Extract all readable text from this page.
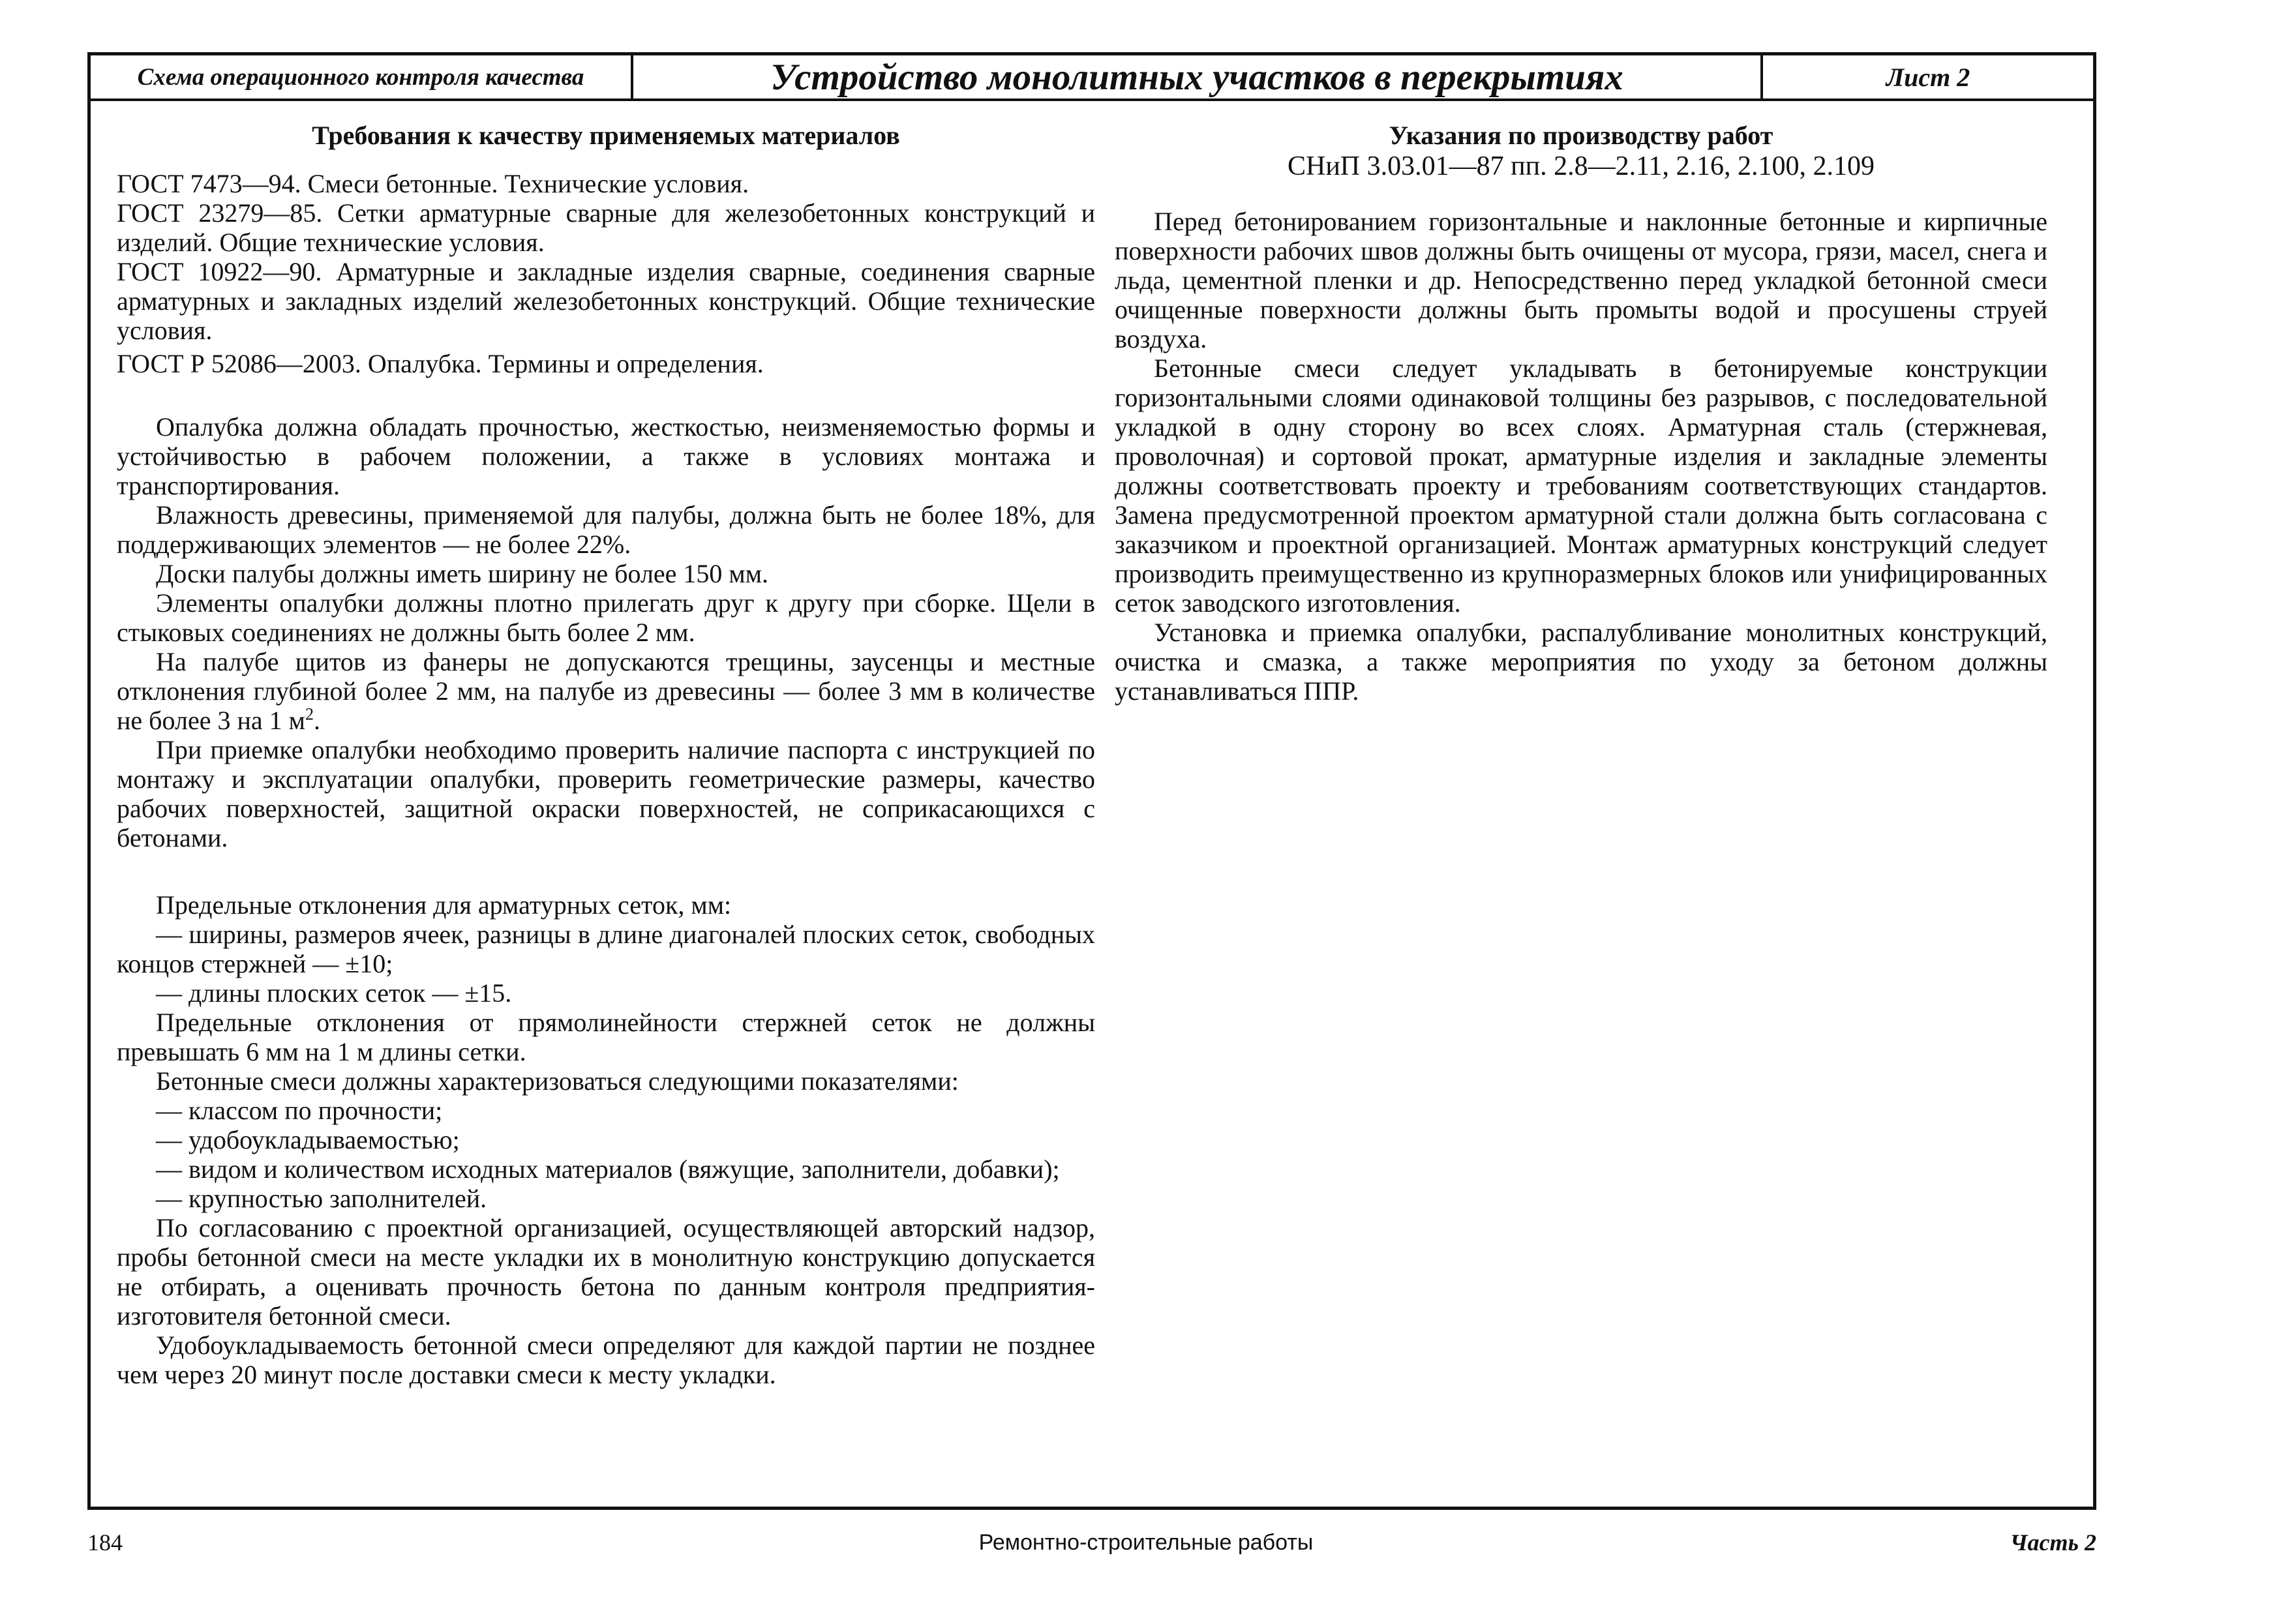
Схема операционного контроля качества	Устройство монолитных участков в перекрытиях	Лист 2

Требования к качеству применяемых материалов

ГОСТ 7473—94. Смеси бетонные. Технические условия.

ГОСТ 23279—85. Сетки арматурные сварные для железобетонных конструкций и изделий. Общие технические условия.

ГОСТ 10922—90. Арматурные и закладные изделия сварные, соединения сварные арматурных и закладных изделий железобетонных конструкций. Общие технические условия.

ГОСТ Р 52086—2003. Опалубка. Термины и определения.

Опалубка должна обладать прочностью, жесткостью, неизменяемостью формы и устойчивостью в рабочем положении, а также в условиях монтажа и транспортирования.

Влажность древесины, применяемой для палубы, должна быть не более 18%, для поддерживающих элементов — не более 22%.

Доски палубы должны иметь ширину не более 150 мм.

Элементы опалубки должны плотно прилегать друг к другу при сборке. Щели в стыковых соединениях не должны быть более 2 мм.

На палубе щитов из фанеры не допускаются трещины, заусенцы и местные отклонения глубиной более 2 мм, на палубе из древесины — более 3 мм в количестве не более 3 на 1 $м^2$.

При приемке опалубки необходимо проверить наличие паспорта с инструкцией по монтажу и эксплуатации опалубки, проверить геометрические размеры, качество рабочих поверхностей, защитной окраски поверхностей, не соприкасающихся с бетонами.

Предельные отклонения для арматурных сеток, мм:

— ширины, размеров ячеек, разницы в длине диагоналей плоских сеток, свободных концов стержней — ±10;

— длины плоских сеток — ±15.

Предельные отклонения от прямолинейности стержней сеток не должны превышать 6 мм на 1 м длины сетки.

Бетонные смеси должны характеризоваться следующими показателями:

— классом по прочности;

— удобоукладываемостью;

— видом и количеством исходных материалов (вяжущие, заполнители, добавки);

— крупностью заполнителей.

По согласованию с проектной организацией, осуществляющей авторский надзор, пробы бетонной смеси на месте укладки их в монолитную конструкцию допускается не отбирать, а оценивать прочность бетона по данным контроля предприятия-изготовителя бетонной смеси.

Удобоукладываемость бетонной смеси определяют для каждой партии не позднее чем через 20 минут после доставки смеси к месту укладки.

Указания по производству работ

СНиП 3.03.01—87 пп. 2.8—2.11, 2.16, 2.100, 2.109

Перед бетонированием горизонтальные и наклонные бетонные и кирпичные поверхности рабочих швов должны быть очищены от мусора, грязи, масел, снега и льда, цементной пленки и др. Непосредственно перед укладкой бетонной смеси очищенные поверхности должны быть промыты водой и просушены струей воздуха.

Бетонные смеси следует укладывать в бетонируемые конструкции горизонтальными слоями одинаковой толщины без разрывов, с последовательной укладкой в одну сторону во всех слоях. Арматурная сталь (стержневая, проволочная) и сортовой прокат, арматурные изделия и закладные элементы должны соответствовать проекту и требованиям соответствующих стандартов. Замена предусмотренной проектом арматурной стали должна быть согласована с заказчиком и проектной организацией. Монтаж арматурных конструкций следует производить преимущественно из крупноразмерных блоков или унифицированных сеток заводского изготовления.

Установка и приемка опалубки, распалубливание монолитных конструкций, очистка и смазка, а также мероприятия по уходу за бетоном должны устанавливаться ППР.

Ремонтно-строительные работы
184	Часть 2
